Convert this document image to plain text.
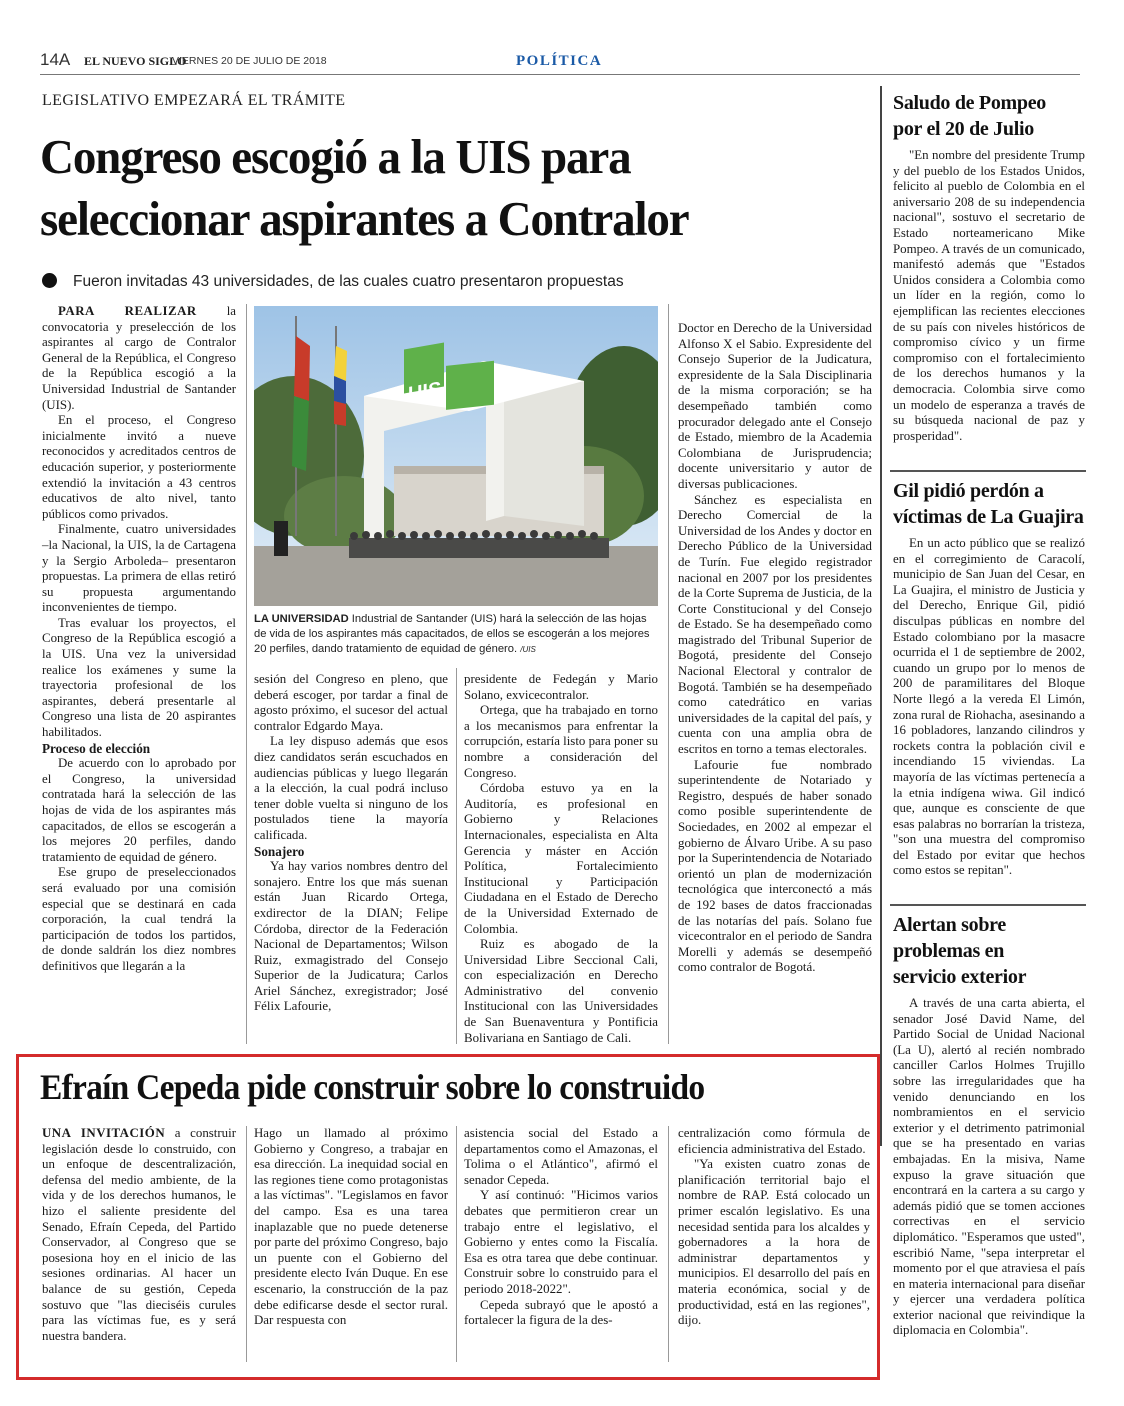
14A EL NUEVO SIGLO
VIERNES 20 DE JULIO DE 2018	POLÍTICA
LEGISLATIVO EMPEZARÁ EL TRÁMITE
Congreso escogió a la UIS para
seleccionar aspirantes a Contralor
Fueron invitadas 43 universidades, de las cuales cuatro presentaron propuestas

PARA REALIZAR la convocatoria y preselección de los aspirantes al cargo de Contralor General de la República, el Congreso de la República escogió a la Universidad Industrial de Santander (UIS).

En el proceso, el Congreso inicialmente invitó a nueve reconocidos y acreditados centros de educación superior, y posteriormente extendió la invitación a 43 centros educativos de alto nivel, tanto públicos como privados.

Finalmente, cuatro universidades –la Nacional, la UIS, la de Cartagena y la Sergio Arboleda– presentaron propuestas. La primera de ellas retiró su propuesta argumentando inconvenientes de tiempo.

Tras evaluar los proyectos, el Congreso de la República escogió a la UIS. Una vez la universidad realice los exámenes y sume la trayectoria profesional de los aspirantes, deberá presentarle al Congreso una lista de 20 aspirantes habilitados.

Proceso de elección

De acuerdo con lo aprobado por el Congreso, la universidad contratada hará la selección de las hojas de vida de los aspirantes más capacitados, de ellos se escogerán a los mejores 20 perfiles, dando tratamiento de equidad de género.

Ese grupo de preseleccionados será evaluado por una comisión especial que se destinará en cada corporación, la cual tendrá la participación de todos los partidos, de donde saldrán los diez nombres definitivos que llegarán a la

UIS
LA UNIVERSIDAD Industrial de Santander (UIS) hará la selección de las hojas de vida de los aspirantes más capacitados, de ellos se escogerán a los mejores 20 perfiles, dando tratamiento de equidad de género. /UIS

sesión del Congreso en pleno, que deberá escoger, por tardar a final de agosto próximo, el sucesor del actual contralor Edgardo Maya.

La ley dispuso además que esos diez candidatos serán escuchados en audiencias públicas y luego llegarán a la elección, la cual podrá incluso tener doble vuelta si ninguno de los postulados tiene la mayoría calificada.

Sonajero

Ya hay varios nombres dentro del sonajero. Entre los que más suenan están Juan Ricardo Ortega, exdirector de la DIAN; Felipe Córdoba, director de la Federación Nacional de Departamentos; Wilson Ruiz, exmagistrado del Consejo Superior de la Judicatura; Carlos Ariel Sánchez, exregistrador; José Félix Lafourie,

presidente de Fedegán y Mario Solano, exvicecontralor.

Ortega, que ha trabajado en torno a los mecanismos para enfrentar la corrupción, estaría listo para poner su nombre a consideración del Congreso.

Córdoba estuvo ya en la Auditoría, es profesional en Gobierno y Relaciones Internacionales, especialista en Alta Gerencia y máster en Acción Política, Fortalecimiento Institucional y Participación Ciudadana en el Estado de Derecho de la Universidad Externado de Colombia.

Ruiz es abogado de la Universidad Libre Seccional Cali, con especialización en Derecho Administrativo del convenio Institucional con las Universidades de San Buenaventura y Pontificia Bolivariana en Santiago de Cali.

Doctor en Derecho de la Universidad Alfonso X el Sabio. Expresidente del Consejo Superior de la Judicatura, expresidente de la Sala Disciplinaria de la misma corporación; se ha desempeñado también como procurador delegado ante el Consejo de Estado, miembro de la Academia Colombiana de Jurisprudencia; docente universitario y autor de diversas publicaciones.

Sánchez es especialista en Derecho Comercial de la Universidad de los Andes y doctor en Derecho Público de la Universidad de Turín. Fue elegido registrador nacional en 2007 por los presidentes de la Corte Suprema de Justicia, de la Corte Constitucional y del Consejo de Estado. Se ha desempeñado como magistrado del Tribunal Superior de Bogotá, presidente del Consejo Nacional Electoral y contralor de Bogotá. También se ha desempeñado como catedrático en varias universidades de la capital del país, y cuenta con una amplia obra de escritos en torno a temas electorales.

Lafourie fue nombrado superintendente de Notariado y Registro, después de haber sonado como posible superintendente de Sociedades, en 2002 al empezar el gobierno de Álvaro Uribe. A su paso por la Superintendencia de Notariado orientó un plan de modernización tecnológica que interconectó a más de 192 bases de datos fraccionadas de las notarías del país. Solano fue vicecontralor en el periodo de Sandra Morelli y además se desempeñó como contralor de Bogotá.

Saludo de Pompeo
por el 20 de Julio

"En nombre del presidente Trump y del pueblo de los Estados Unidos, felicito al pueblo de Colombia en el aniversario 208 de su independencia nacional", sostuvo el secretario de Estado norteamericano Mike Pompeo. A través de un comunicado, manifestó además que "Estados Unidos considera a Colombia como un líder en la región, como lo ejemplifican las recientes elecciones de su país con niveles históricos de compromiso cívico y un firme compromiso con el fortalecimiento de los derechos humanos y la democracia. Colombia sirve como un modelo de esperanza a través de su búsqueda nacional de paz y prosperidad".

Gil pidió perdón a
víctimas de La Guajira

En un acto público que se realizó en el corregimiento de Caracolí, municipio de San Juan del Cesar, en La Guajira, el ministro de Justicia y del Derecho, Enrique Gil, pidió disculpas públicas en nombre del Estado colombiano por la masacre ocurrida el 1 de septiembre de 2002, cuando un grupo por lo menos de 200 de paramilitares del Bloque Norte llegó a la vereda El Limón, zona rural de Riohacha, asesinando a 16 pobladores, lanzando cilindros y rockets contra la población civil e incendiando 15 viviendas. La mayoría de las víctimas pertenecía a la etnia indígena wiwa. Gil indicó que, aunque es consciente de que esas palabras no borrarían la tristeza, "son una muestra del compromiso del Estado por evitar que hechos como estos se repitan".

Alertan sobre
problemas en
servicio exterior

A través de una carta abierta, el senador José David Name, del Partido Social de Unidad Nacional (La U), alertó al recién nombrado canciller Carlos Holmes Trujillo sobre las irregularidades que ha venido denunciando en los nombramientos en el servicio exterior y el detrimento patrimonial que se ha presentado en varias embajadas. En la misiva, Name expuso la grave situación que encontrará en la cartera a su cargo y además pidió que se tomen acciones correctivas en el servicio diplomático. "Esperamos que usted", escribió Name, "sepa interpretar el momento por el que atraviesa el país en materia internacional para diseñar y ejercer una verdadera política exterior nacional que reivindique la diplomacia en Colombia".

Efraín Cepeda pide construir sobre lo construido

UNA INVITACIÓN a construir legislación desde lo construido, con un enfoque de descentralización, defensa del medio ambiente, de la vida y de los derechos humanos, le hizo el saliente presidente del Senado, Efraín Cepeda, del Partido Conservador, al Congreso que se posesiona hoy en el inicio de las sesiones ordinarias. Al hacer un balance de su gestión, Cepeda sostuvo que "las dieciséis curules para las víctimas fue, es y será nuestra bandera.

Hago un llamado al próximo Gobierno y Congreso, a trabajar en esa dirección. La inequidad social en las regiones tiene como protagonistas a las víctimas". "Legislamos en favor del campo. Esa es una tarea inaplazable que no puede detenerse por parte del próximo Congreso, bajo un puente con el Gobierno del presidente electo Iván Duque. En ese escenario, la construcción de la paz debe edificarse desde el sector rural. Dar respuesta con

asistencia social del Estado a departamentos como el Amazonas, el Tolima o el Atlántico", afirmó el senador Cepeda.

Y así continuó: "Hicimos varios debates que permitieron crear un trabajo entre el legislativo, el Gobierno y entes como la Fiscalía. Esa es otra tarea que debe continuar. Construir sobre lo construido para el periodo 2018-2022".

Cepeda subrayó que le apostó a fortalecer la figura de la des-

centralización como fórmula de eficiencia administrativa del Estado.

"Ya existen cuatro zonas de planificación territorial bajo el nombre de RAP. Está colocado un primer escalón legislativo. Es una necesidad sentida para los alcaldes y gobernadores a la hora de administrar departamentos y municipios. El desarrollo del país en materia económica, social y de productividad, está en las regiones", dijo.
